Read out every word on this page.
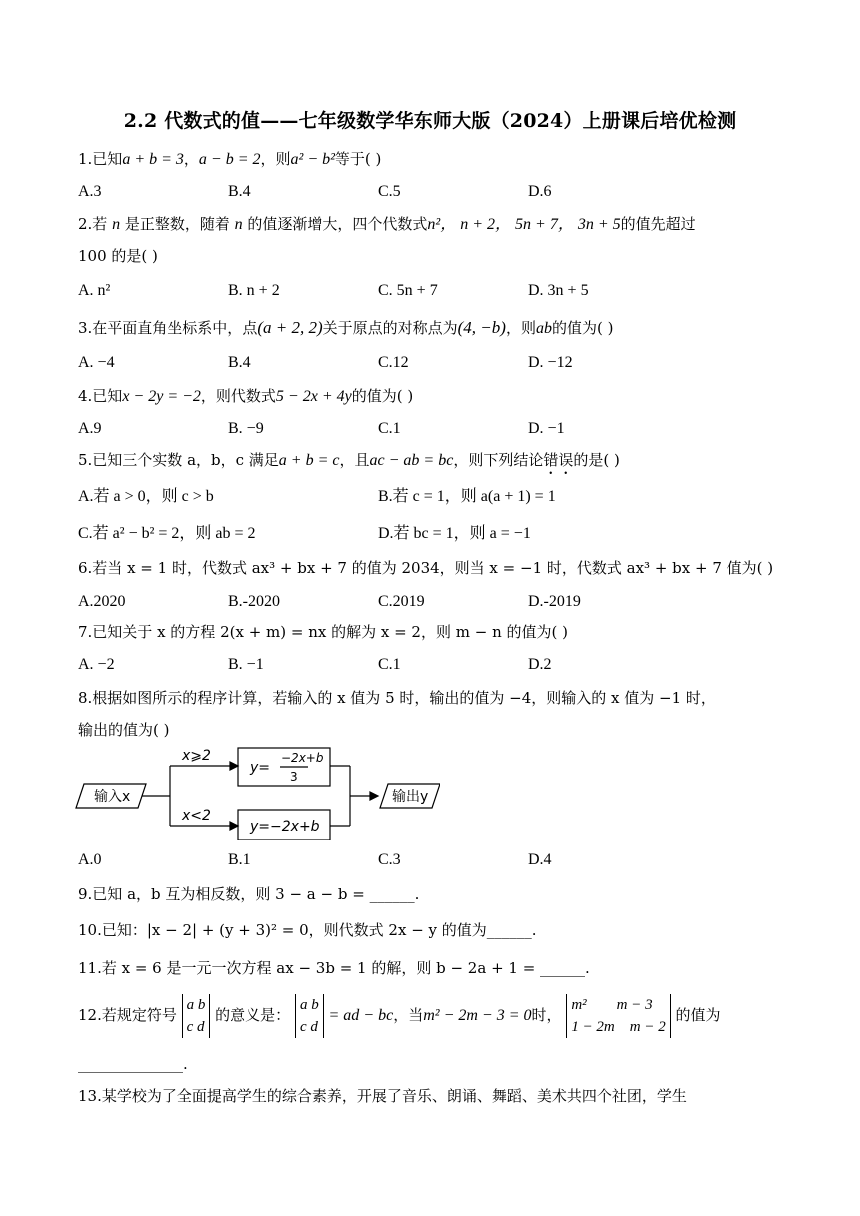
2.2 代数式的值——七年级数学华东师大版（2024）上册课后培优检测
1.已知a + b = 3，a − b = 2，则a² − b²等于( )
A.3	B.4	C.5	D.6
2.若 n 是正整数，随着 n 的值逐渐增大，四个代数式n²， n + 2， 5n + 7， 3n + 5的值先超过
100 的是( )
A. n²	B. n + 2	C. 5n + 7	D. 3n + 5
3.在平面直角坐标系中，点(a + 2, 2)关于原点的对称点为(4, −b)，则ab的值为( )
A. −4	B.4	C.12	D. −12
4.已知x − 2y = −2，则代数式5 − 2x + 4y的值为( )
A.9	B. −9	C.1	D. −1
5.已知三个实数 a，b，c 满足a + b = c，且ac − ab = bc，则下列结论错误的是( )
A.若 a > 0，则 c > b	B.若 c = 1，则 a(a + 1) = 1
C.若 a² − b² = 2，则 ab = 2	D.若 bc = 1，则 a = −1
6.若当 x = 1 时，代数式 ax³ + bx + 7 的值为 2034，则当 x = −1 时，代数式 ax³ + bx + 7 值为( )
A.2020	B.-2020	C.2019	D.-2019
7.已知关于 x 的方程 2(x + m) = nx 的解为 x = 2，则 m − n 的值为( )
A. −2	B. −1	C.1	D.2
8.根据如图所示的程序计算，若输入的 x 值为 5 时，输出的值为 −4，则输入的 x 值为 −1 时，
输出的值为( )
输入x	输出y
x⩾2
x<2
y=
−2x+b
3
y=−2x+b
A.0	B.1	C.3	D.4
9.已知 a，b 互为相反数，则 3 − a − b = ______.
10.已知：|x − 2| + (y + 3)² = 0，则代数式 2x − y 的值为______.
11.若 x = 6 是一元一次方程 ax − 3b = 1 的解，则 b − 2a + 1 = ______.
12.若规定符号
a b
c d
的意义是：
a b
c d
= ad − bc，当m² − 2m − 3 = 0时，
m²        m − 3
1 − 2m    m − 2
的值为
______________.
13.某学校为了全面提高学生的综合素养，开展了音乐、朗诵、舞蹈、美术共四个社团，学生
